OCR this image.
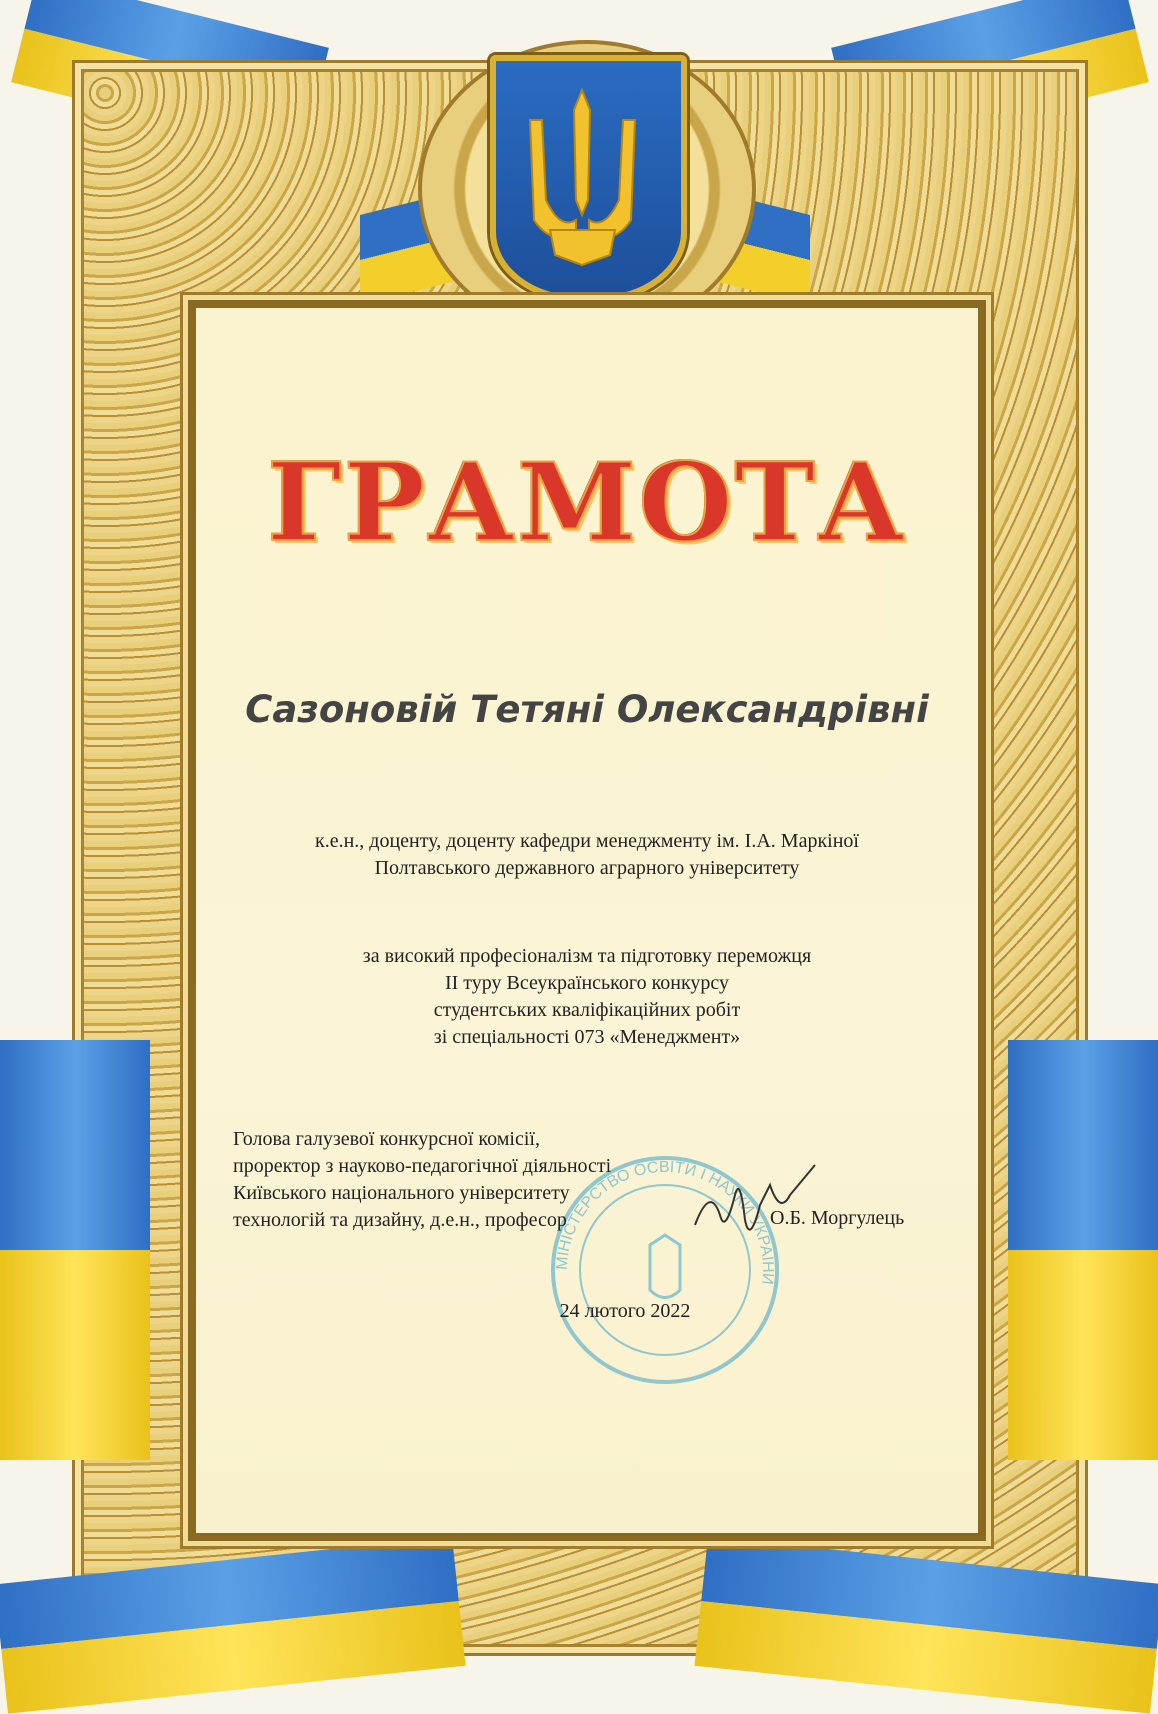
ГРАМОТА
Сазоновій Тетяні Олександрівні
к.е.н., доценту, доценту кафедри менеджменту ім. І.А. Маркіної
Полтавського державного аграрного університету
за високий професіоналізм та підготовку переможця
ІІ туру Всеукраїнського конкурсу
студентських кваліфікаційних робіт
зі спеціальності 073 «Менеджмент»
МІНІСТЕРСТВО ОСВІТИ І НАУКИ УКРАЇНИ
Голова галузевої конкурсної комісії,
проректор з науково-педагогічної діяльності
Київського національного університету
технологій та дизайну, д.е.н., професор	О.Б. Моргулець
24 лютого 2022
